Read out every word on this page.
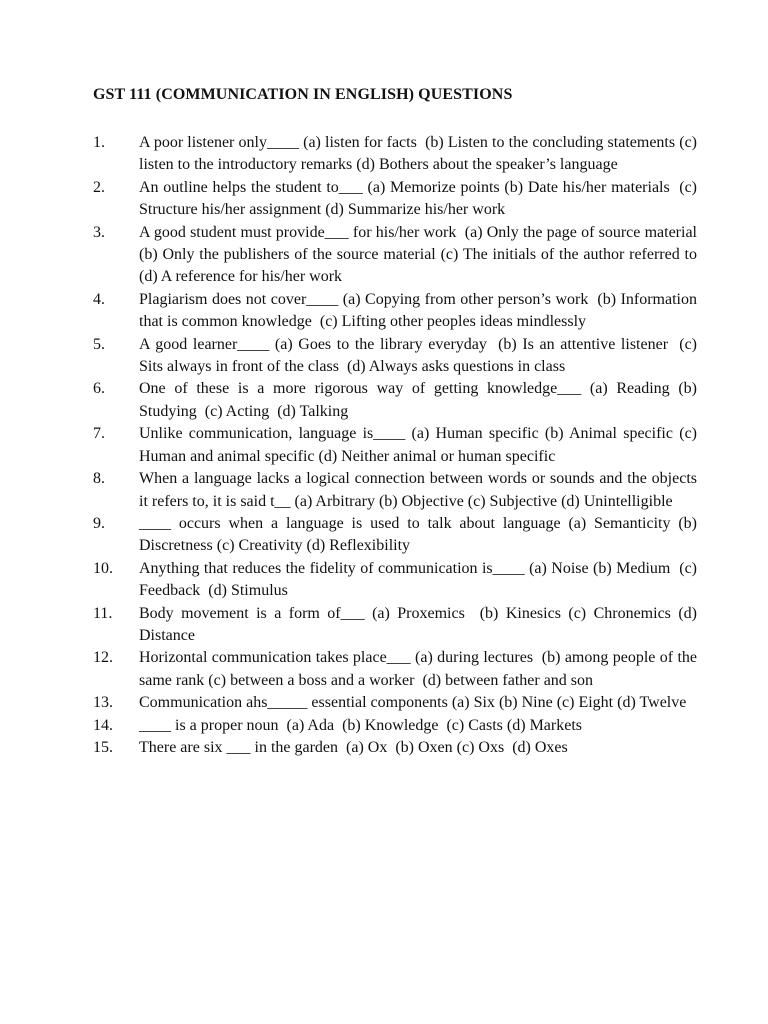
GST 111 (COMMUNICATION IN ENGLISH) QUESTIONS
1.	A poor listener only____ (a) listen for facts  (b) Listen to the concluding statements (c) listen to the introductory remarks (d) Bothers about the speaker’s language
2.	An outline helps the student to___ (a) Memorize points (b) Date his/her materials  (c) Structure his/her assignment (d) Summarize his/her work
3.	A good student must provide___ for his/her work  (a) Only the page of source material  (b) Only the publishers of the source material (c) The initials of the author referred to (d) A reference for his/her work
4.	Plagiarism does not cover____ (a) Copying from other person’s work  (b) Information that is common knowledge  (c) Lifting other peoples ideas mindlessly
5.	A good learner____ (a) Goes to the library everyday  (b) Is an attentive listener  (c)  Sits always in front of the class  (d) Always asks questions in class
6.	One of these is a more rigorous way of getting knowledge___ (a) Reading (b) Studying  (c) Acting  (d) Talking
7.	Unlike communication, language is____ (a) Human specific (b) Animal specific (c) Human and animal specific (d) Neither animal or human specific
8.	When a language lacks a logical connection between words or sounds and the objects it refers to, it is said t__ (a) Arbitrary (b) Objective (c) Subjective (d) Unintelligible
9.	____ occurs when a language is used to talk about language (a) Semanticity (b) Discretness (c) Creativity (d) Reflexibility
10.	Anything that reduces the fidelity of communication is____ (a) Noise (b) Medium  (c) Feedback  (d) Stimulus
11.	Body movement is a form of___ (a) Proxemics  (b) Kinesics (c) Chronemics (d) Distance
12.	Horizontal communication takes place___ (a) during lectures  (b) among people of the same rank (c) between a boss and a worker  (d) between father and son
13.	Communication ahs_____ essential components (a) Six (b) Nine (c) Eight (d) Twelve
14.	____ is a proper noun  (a) Ada  (b) Knowledge  (c) Casts (d) Markets
15.	There are six ___ in the garden  (a) Ox  (b) Oxen (c) Oxs  (d) Oxes
